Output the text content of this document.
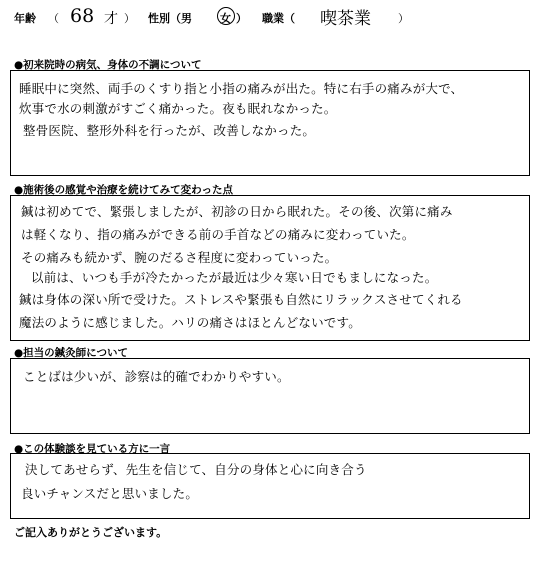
年齢 （ 68 才 ） 性別（男	女 ） 職業（ 喫茶業 ）
●初来院時の病気、身体の不調について
睡眠中に突然、両手のくすり指と小指の痛みが出た。特に右手の痛みが大で、
炊事で水の刺激がすごく痛かった。夜も眠れなかった。
整骨医院、整形外科を行ったが、改善しなかった。
●施術後の感覚や治療を続けてみて変わった点
鍼は初めてで、緊張しましたが、初診の日から眠れた。その後、次第に痛み
は軽くなり、指の痛みができる前の手首などの痛みに変わっていた。
その痛みも続かず、腕のだるさ程度に変わっていった。
以前は、いつも手が冷たかったが最近は少々寒い日でもましになった。
鍼は身体の深い所で受けた。ストレスや緊張も自然にリラックスさせてくれる
魔法のように感じました。ハリの痛さはほとんどないです。
●担当の鍼灸師について
ことばは少いが、診察は的確でわかりやすい。
●この体験談を見ている方に一言
決してあせらず、先生を信じて、自分の身体と心に向き合う
良いチャンスだと思いました。
ご記入ありがとうございます。
